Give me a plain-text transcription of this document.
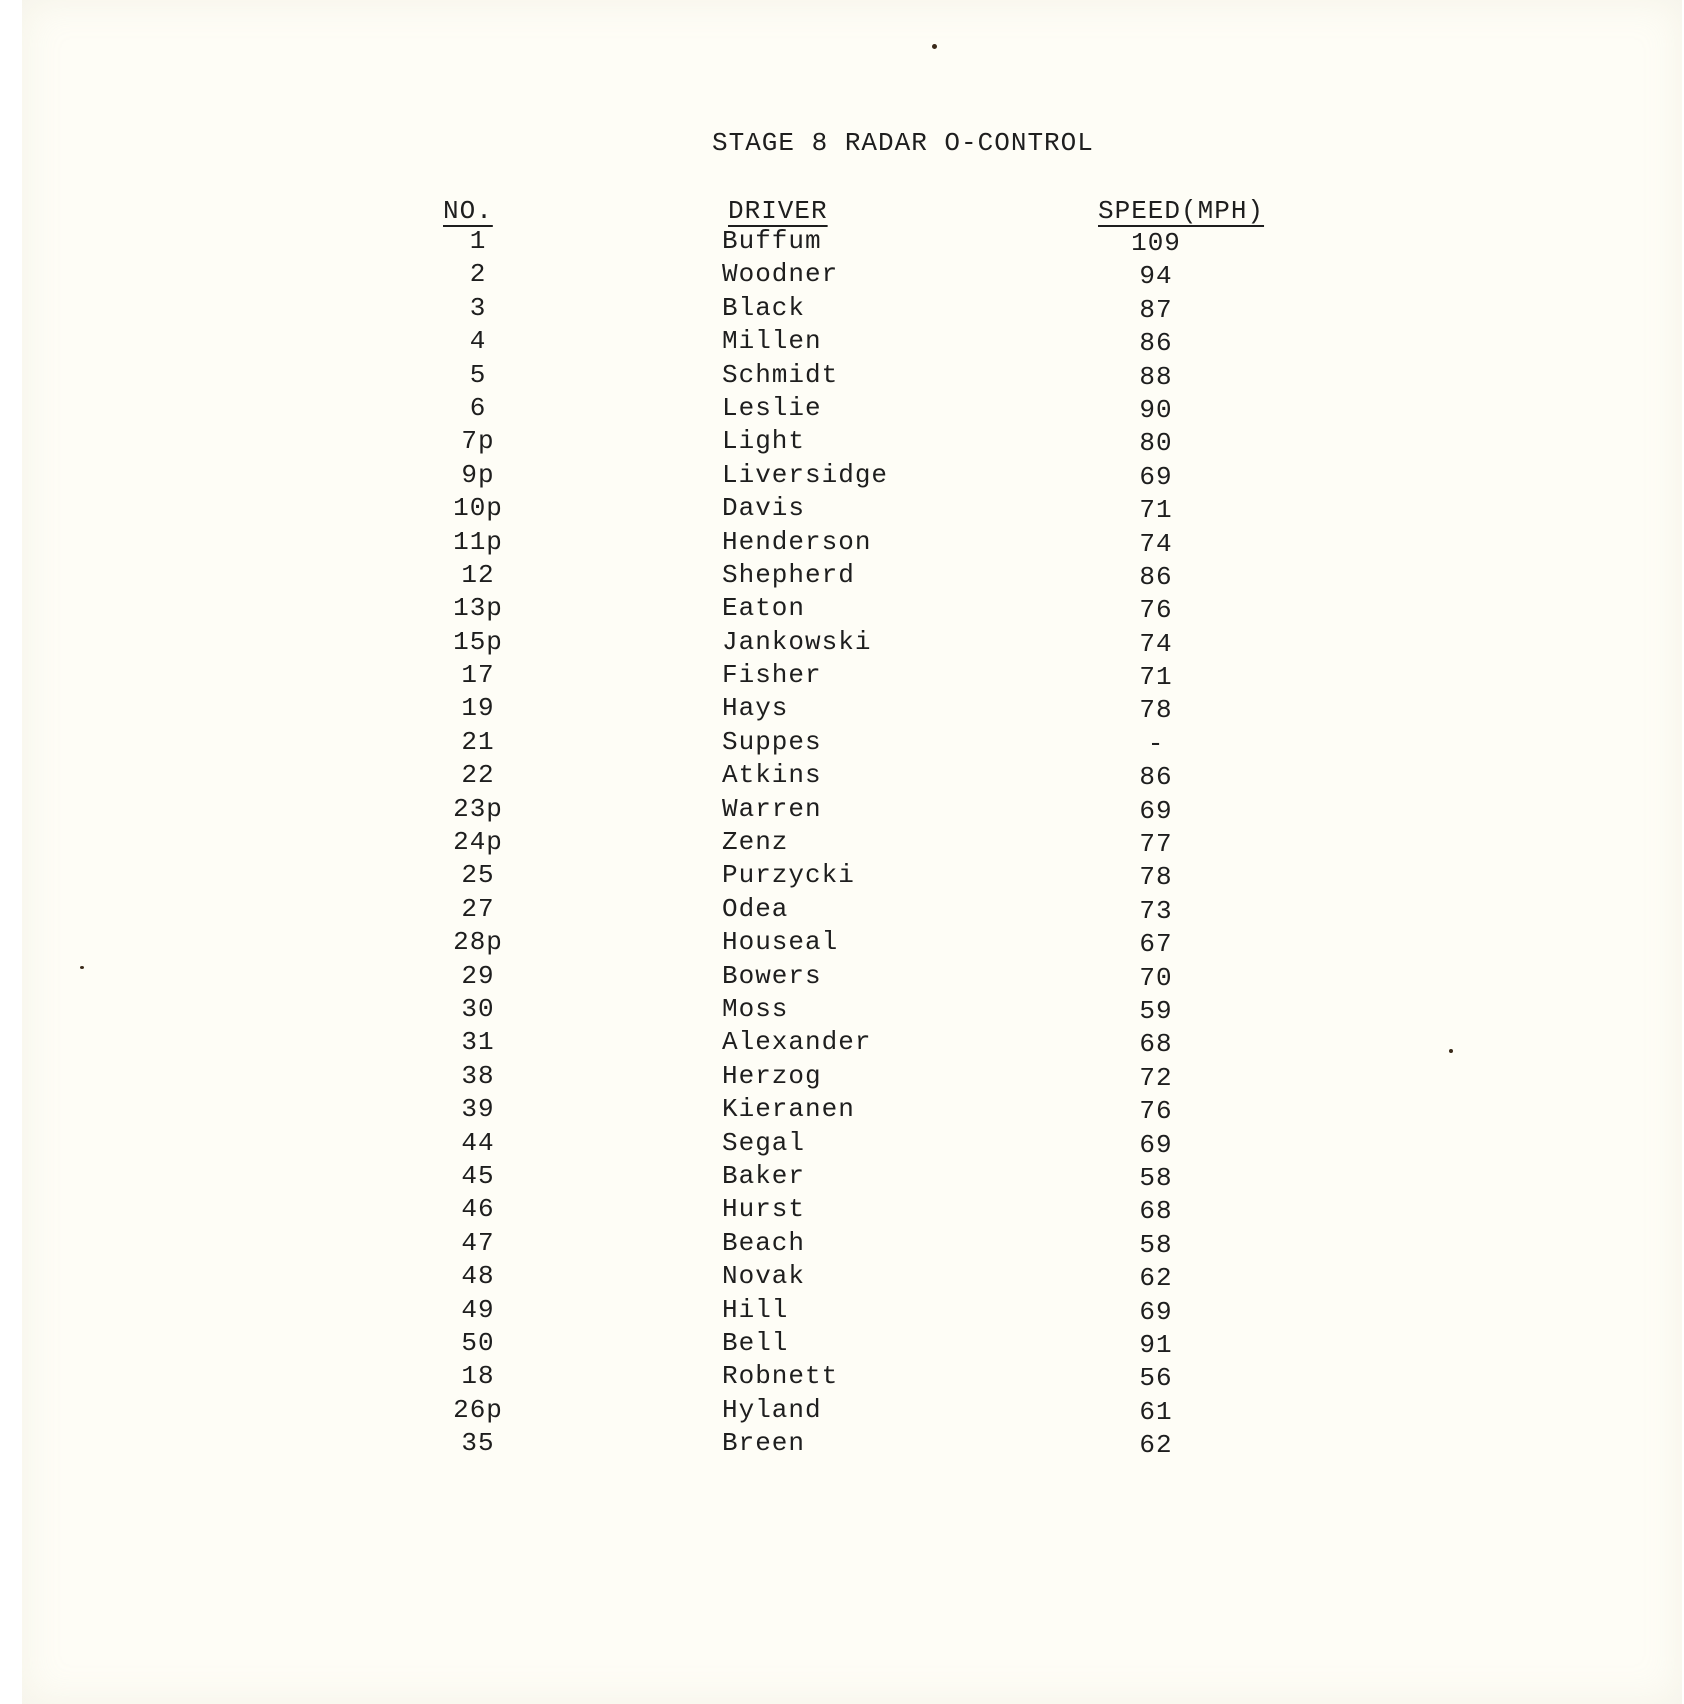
STAGE 8 RADAR O-CONTROL
NO.	DRIVER	SPEED(MPH)
1	Buffum	109
2	Woodner	94
3	Black	87
4	Millen	86
5	Schmidt	88
6	Leslie	90
7p	Light	80
9p	Liversidge	69
10p	Davis	71
11p	Henderson	74
12	Shepherd	86
13p	Eaton	76
15p	Jankowski	74
17	Fisher	71
19	Hays	78
21	Suppes	-
22	Atkins	86
23p	Warren	69
24p	Zenz	77
25	Purzycki	78
27	Odea	73
28p	Houseal	67
29	Bowers	70
30	Moss	59
31	Alexander	68
38	Herzog	72
39	Kieranen	76
44	Segal	69
45	Baker	58
46	Hurst	68
47	Beach	58
48	Novak	62
49	Hill	69
50	Bell	91
18	Robnett	56
26p	Hyland	61
35	Breen	62
